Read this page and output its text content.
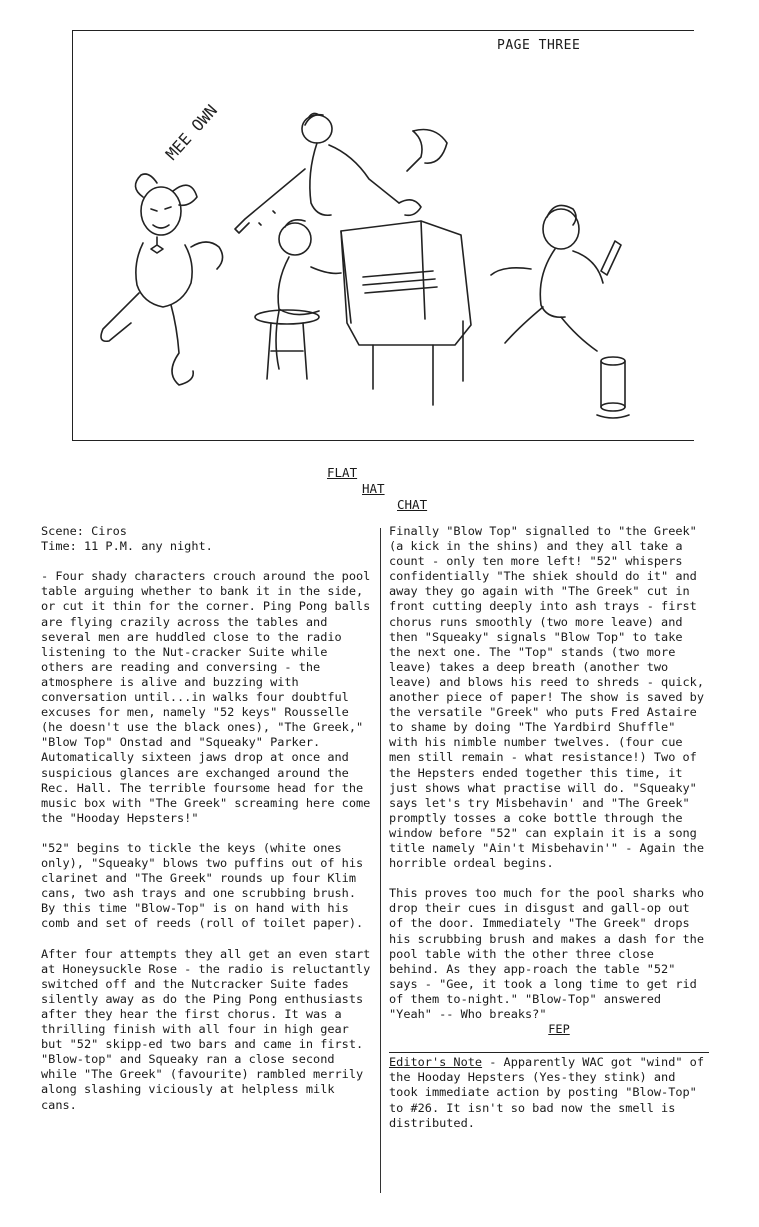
PAGE THREE
MEE OWN
FLAT
HAT
CHAT

Scene: Ciros
Time: 11 P.M. any night.

- Four shady characters crouch around the pool table arguing whether to bank it in the side, or cut it thin for the corner. Ping Pong balls are flying crazily across the tables and several men are huddled close to the radio listening to the Nut-cracker Suite while others are reading and conversing - the atmosphere is alive and buzzing with conversation until...in walks four doubtful excuses for men, namely "52 keys" Rousselle (he doesn't use the black ones), "The Greek," "Blow Top" Onstad and "Squeaky" Parker. Automatically sixteen jaws drop at once and suspicious glances are exchanged around the Rec. Hall. The terrible foursome head for the music box with "The Greek" screaming here come the "Hooday Hepsters!"

"52" begins to tickle the keys (white ones only), "Squeaky" blows two puffins out of his clarinet and "The Greek" rounds up four Klim cans, two ash trays and one scrubbing brush. By this time "Blow-Top" is on hand with his comb and set of reeds (roll of toilet paper).

After four attempts they all get an even start at Honeysuckle Rose - the radio is reluctantly switched off and the Nutcracker Suite fades silently away as do the Ping Pong enthusiasts after they hear the first chorus. It was a thrilling finish with all four in high gear but "52" skipp-ed two bars and came in first. "Blow-top" and Squeaky ran a close second while "The Greek" (favourite) rambled merrily along slashing viciously at helpless milk cans.

Finally "Blow Top" signalled to "the Greek" (a kick in the shins) and they all take a count - only ten more left! "52" whispers confidentially "The shiek should do it" and away they go again with "The Greek" cut in front cutting deeply into ash trays - first chorus runs smoothly (two more leave) and then "Squeaky" signals "Blow Top" to take the next one. The "Top" stands (two more leave) takes a deep breath (another two leave) and blows his reed to shreds - quick, another piece of paper! The show is saved by the versatile "Greek" who puts Fred Astaire to shame by doing "The Yardbird Shuffle" with his nimble number twelves. (four cue men still remain - what resistance!) Two of the Hepsters ended together this time, it just shows what practise will do. "Squeaky" says let's try Misbehavin' and "The Greek" promptly tosses a coke bottle through the window before "52" can explain it is a song title namely "Ain't Misbehavin'" - Again the horrible ordeal begins.

This proves too much for the pool sharks who drop their cues in disgust and gall-op out of the door. Immediately "The Greek" drops his scrubbing brush and makes a dash for the pool table with the other three close behind. As they app-roach the table "52" says - "Gee, it took a long time to get rid of them to-night." "Blow-Top" answered "Yeah" -- Who breaks?"

FEP

Editor's Note - Apparently WAC got "wind" of the Hooday Hepsters (Yes-they stink) and took immediate action by posting "Blow-Top" to #26. It isn't so bad now the smell is distributed.
